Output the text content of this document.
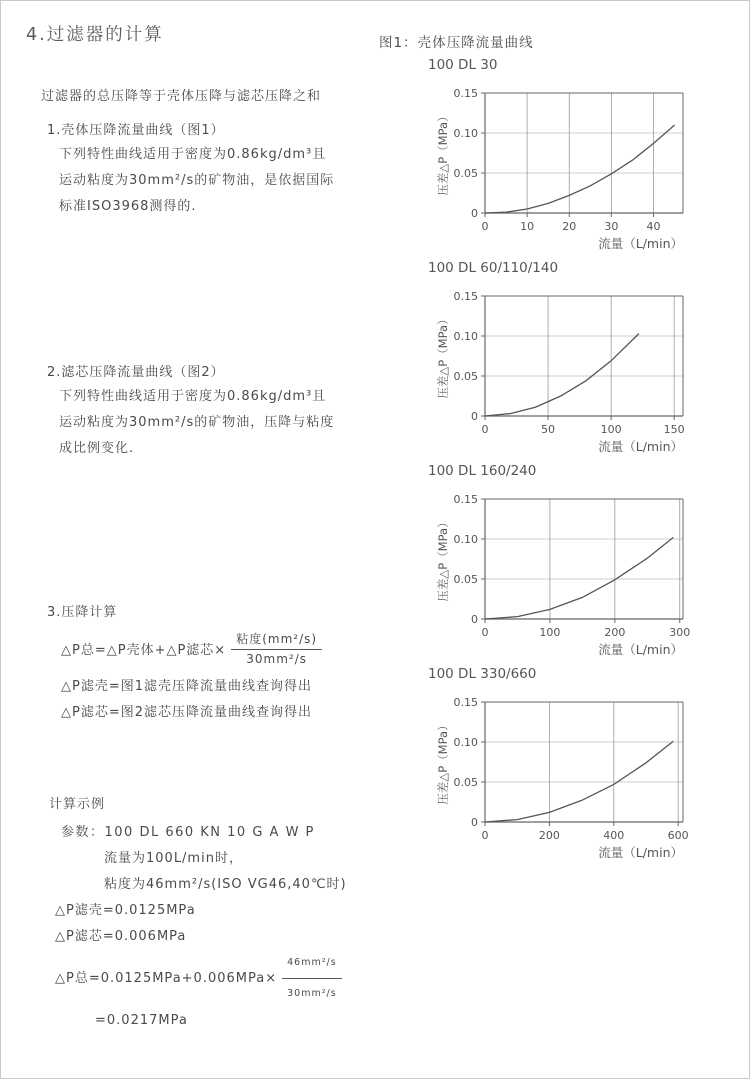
4.过滤器的计算
过滤器的总压降等于壳体压降与滤芯压降之和
1.壳体压降流量曲线（图1）
下列特性曲线适用于密度为0.86kg/dm³且
运动粘度为30mm²/s的矿物油，是依据国际
标准ISO3968测得的.
2.滤芯压降流量曲线（图2）
下列特性曲线适用于密度为0.86kg/dm³且
运动粘度为30mm²/s的矿物油，压降与粘度
成比例变化.
3.压降计算
△P总=△P壳体+△P滤芯× $\frac{\text{粘度(mm²/s)}}{\text{30mm²/s}}$
△P滤壳=图1滤壳压降流量曲线查询得出
△P滤芯=图2滤芯压降流量曲线查询得出
计算示例
参数：100 DL 660 KN 10 G A W P
流量为100L/min时，
粘度为46mm²/s(ISO VG46,40℃时)
△P滤壳=0.0125MPa
△P滤芯=0.006MPa
△P总$=0.0125MPa+0.006MPa\times \frac{\text{46mm²/s}}{\text{30mm²/s}}$
=0.0217MPa
图1：壳体压降流量曲线
100 DL 30
0
0.05
0.10
0.15
0	10	20	30	40
压差△P（MPa）
流量（L/min）
100 DL 60/110/140
0
0.05
0.10
0.15
0	50	100	150
压差△P（MPa）
流量（L/min）
100 DL 160/240
0
0.05
0.10
0.15
0	100	200	300
压差△P（MPa）
流量（L/min）
100 DL 330/660
0
0.05
0.10
0.15
0	200	400	600
压差△P（MPa）
流量（L/min）
